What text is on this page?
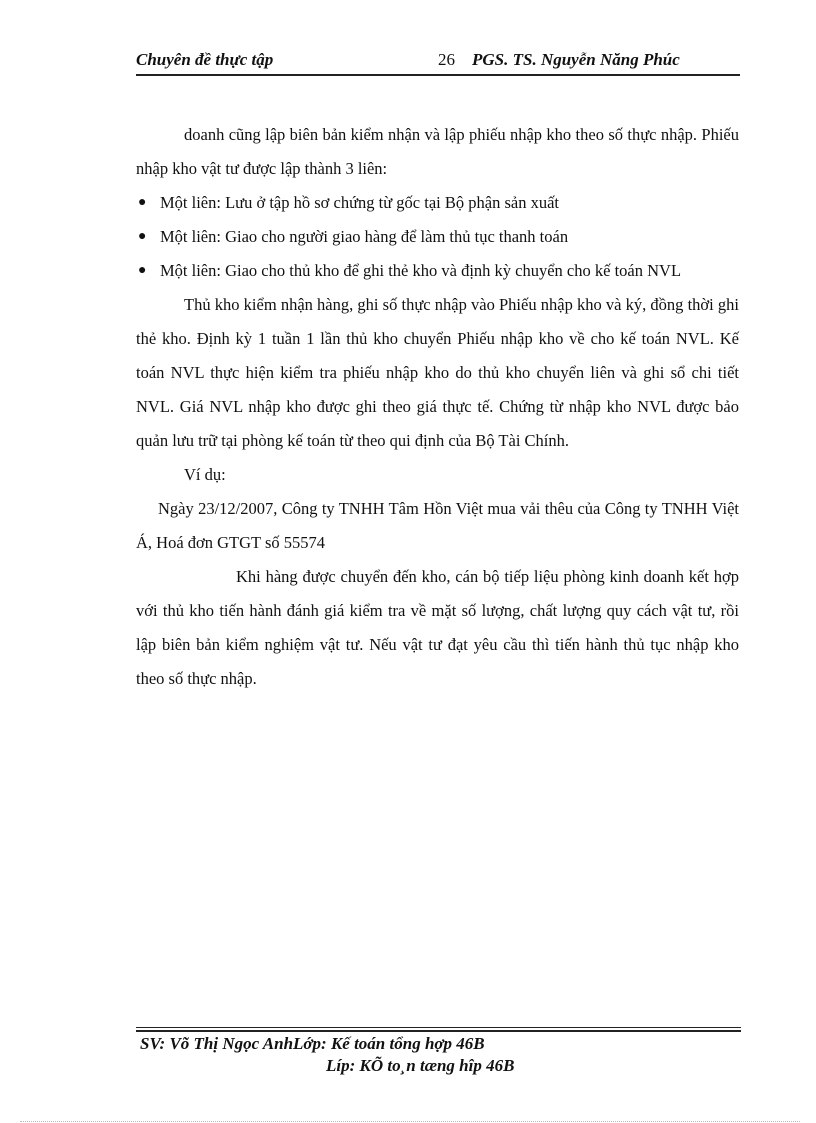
Chuyên đề thực tập	26 PGS. TS. Nguyễn Năng Phúc

doanh cũng lập biên bản kiểm nhận và lập phiếu nhập kho theo số thực nhập. Phiếu nhập kho vật tư được lập thành 3 liên:

● Một liên: Lưu ở tập hồ sơ chứng từ gốc tại Bộ phận sản xuất
● Một liên: Giao cho người giao hàng để làm thủ tục thanh toán
● Một liên: Giao cho thủ kho để ghi thẻ kho và định kỳ chuyển cho kế toán NVL

Thủ kho kiểm nhận hàng, ghi số thực nhập vào Phiếu nhập kho và ký, đồng thời ghi thẻ kho. Định kỳ 1 tuần 1 lần thủ kho chuyển Phiếu nhập kho về cho kế toán NVL. Kế toán NVL thực hiện kiểm tra phiếu nhập kho do thủ kho chuyển liên và ghi sổ chi tiết NVL. Giá NVL nhập kho được ghi theo giá thực tế. Chứng từ nhập kho NVL được bảo quản lưu trữ tại phòng kế toán từ theo qui định của Bộ Tài Chính.

Ví dụ:

Ngày 23/12/2007, Công ty TNHH Tâm Hồn Việt mua vải thêu của Công ty TNHH Việt Á, Hoá đơn GTGT số 55574

Khi hàng được chuyển đến kho, cán bộ tiếp liệu phòng kinh doanh kết hợp với thủ kho tiến hành đánh giá kiểm tra về mặt số lượng, chất lượng quy cách vật tư, rồi lập biên bản kiểm nghiệm vật tư. Nếu vật tư đạt yêu cầu thì tiến hành thủ tục nhập kho theo số thực nhập.

SV: Võ Thị Ngọc AnhLớp: Kế toán tổng hợp 46B
Líp: KÕ to¸n tæng hîp 46B
